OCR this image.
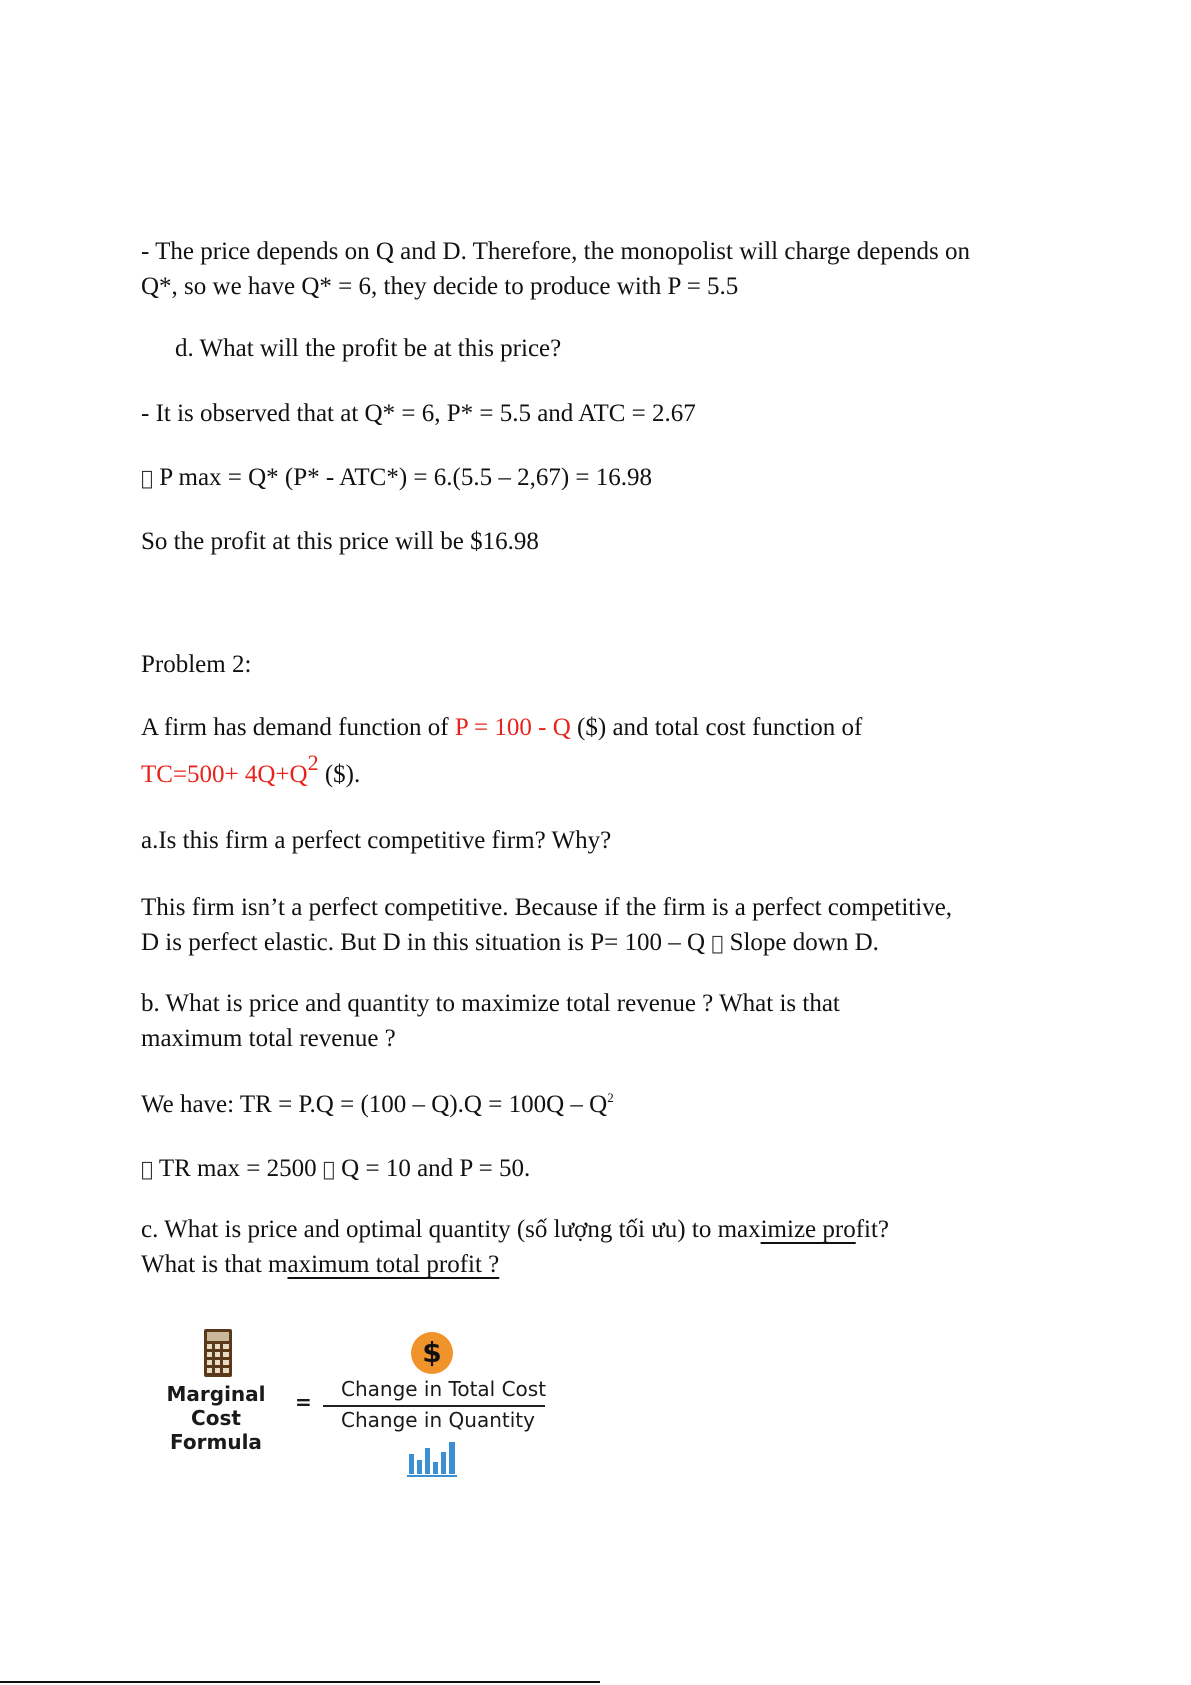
- The price depends on Q and D. Therefore, the monopolist will charge depends on
Q*, so we have Q* = 6, they decide to produce with P = 5.5
d. What will the profit be at this price?
- It is observed that at Q* = 6, P* = 5.5 and ATC = 2.67
P max = Q* (P* - ATC*) = 6.(5.5 – 2,67) = 16.98
So the profit at this price will be $16.98
Problem 2:
A firm has demand function of P = 100 - Q ($) and total cost function of
$TC=500+ 4Q+Q^2$ ($).
a.Is this firm a perfect competitive firm? Why?
This firm isn’t a perfect competitive. Because if the firm is a perfect competitive,
D is perfect elastic. But D in this situation is P= 100 – Q  Slope down D.
b. What is price and quantity to maximize total revenue ? What is that
maximum total revenue ?
We have: TR = $P.Q = (100 - Q).Q = 100Q - Q^2$
TR max = 2500  Q = 10 and P = 50.
c. What is price and optimal quantity (số lượng tối ưu) to maximize profit?
What is that maximum total profit ?
Marginal Cost
Formula
=
$
Change in Total Cost
Change in Quantity
